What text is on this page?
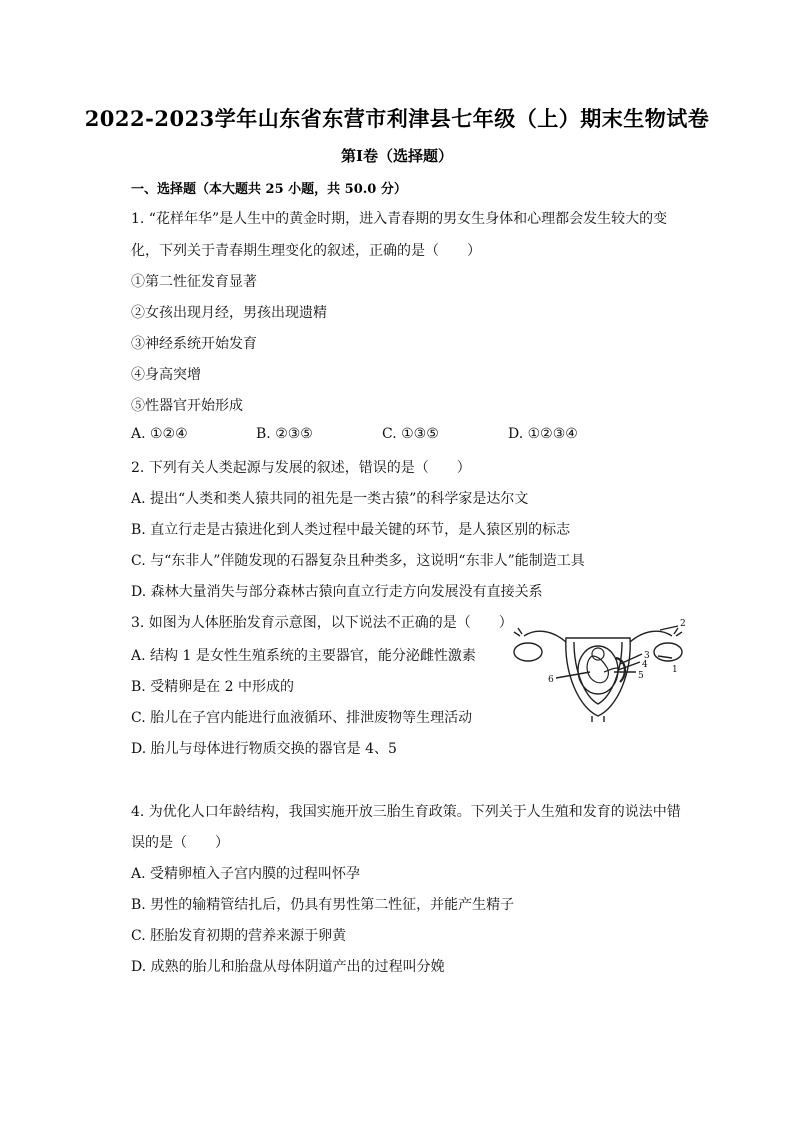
2022-2023学年山东省东营市利津县七年级（上）期末生物试卷
第I卷（选择题）
一、选择题（本大题共 25 小题，共 50.0 分）
1. “花样年华”是人生中的黄金时期，进入青春期的男女生身体和心理都会发生较大的变
化，下列关于青春期生理变化的叙述，正确的是（　　）
①第二性征发育显著
②女孩出现月经，男孩出现遗精
③神经系统开始发育
④身高突增
⑤性器官开始形成
A. ①②④	B. ②③⑤	C. ①③⑤	D. ①②③④
2. 下列有关人类起源与发展的叙述，错误的是（　　）
A. 提出“人类和类人猿共同的祖先是一类古猿”的科学家是达尔文
B. 直立行走是古猿进化到人类过程中最关键的环节，是人猿区别的标志
C. 与“东非人”伴随发现的石器复杂且种类多，这说明“东非人”能制造工具
D. 森林大量消失与部分森林古猿向直立行走方向发展没有直接关系
3. 如图为人体胚胎发育示意图，以下说法不正确的是（　　）
A. 结构 1 是女性生殖系统的主要器官，能分泌雌性激素
B. 受精卵是在 2 中形成的
C. 胎儿在子宫内能进行血液循环、排泄废物等生理活动
D. 胎儿与母体进行物质交换的器官是 4、5
1
2
3
4
5
6
4. 为优化人口年龄结构，我国实施开放三胎生育政策。下列关于人生殖和发育的说法中错
误的是（　　）
A. 受精卵植入子宫内膜的过程叫怀孕
B. 男性的输精管结扎后，仍具有男性第二性征，并能产生精子
C. 胚胎发育初期的营养来源于卵黄
D. 成熟的胎儿和胎盘从母体阴道产出的过程叫分娩
